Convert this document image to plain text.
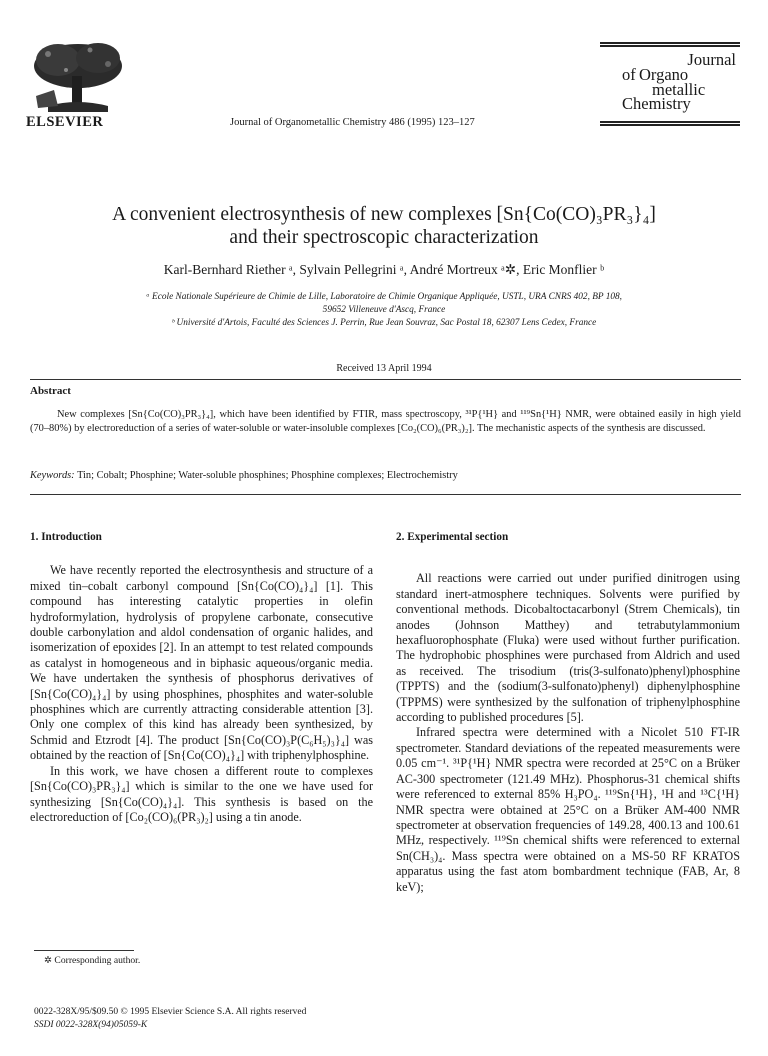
ELSEVIER	Journal of Organometallic Chemistry 486 (1995) 123–127
Journal
of Organo
metallic
Chemistry
A convenient electrosynthesis of new complexes [Sn{Co(CO)₃PR₃}₄]
and their spectroscopic characterization
Karl-Bernhard Riether ᵃ, Sylvain Pellegrini ᵃ, André Mortreux ᵃ✲, Eric Monflier ᵇ
ᵃ Ecole Nationale Supérieure de Chimie de Lille, Laboratoire de Chimie Organique Appliquée, USTL, URA CNRS 402, BP 108,
59652 Villeneuve d'Ascq, France
ᵇ Université d'Artois, Faculté des Sciences J. Perrin, Rue Jean Souvraz, Sac Postal 18, 62307 Lens Cedex, France
Received 13 April 1994
Abstract
New complexes [Sn{Co(CO)₃PR₃}₄], which have been identified by FTIR, mass spectroscopy, ³¹P{¹H} and ¹¹⁹Sn{¹H} NMR, were obtained easily in high yield (70–80%) by electroreduction of a series of water-soluble or water-insoluble complexes [Co₂(CO)₆(PR₃)₂]. The mechanistic aspects of the synthesis are discussed.
Keywords: Tin; Cobalt; Phosphine; Water-soluble phosphines; Phosphine complexes; Electrochemistry
1. Introduction

We have recently reported the electrosynthesis and structure of a mixed tin–cobalt carbonyl compound [Sn{Co(CO)₄}₄] [1]. This compound has interesting catalytic properties in olefin hydroformylation, hydrolysis of propylene carbonate, consecutive double carbonylation and aldol condensation of organic halides, and isomerization of epoxides [2]. In an attempt to test related compounds as catalyst in homogeneous and in biphasic aqueous/organic media. We have undertaken the synthesis of phosphorus derivatives of [Sn{Co(CO)₄}₄] by using phosphines, phosphites and water-soluble phosphines which are currently attracting considerable attention [3]. Only one complex of this kind has already been synthesized, by Schmid and Etzrodt [4]. The product [Sn{Co(CO)₃P(C₆H₅)₃}₄] was obtained by the reaction of [Sn{Co(CO)₄}₄] with triphenylphosphine.

In this work, we have chosen a different route to complexes [Sn{Co(CO)₃PR₃}₄] which is similar to the one we have used for synthesizing [Sn{Co(CO)₄}₄]. This synthesis is based on the electroreduction of [Co₂(CO)₆(PR₃)₂] using a tin anode.

2. Experimental section

All reactions were carried out under purified dinitrogen using standard inert-atmosphere techniques. Solvents were purified by conventional methods. Dicobaltoctacarbonyl (Strem Chemicals), tin anodes (Johnson Matthey) and tetrabutylammonium hexafluorophosphate (Fluka) were used without further purification. The hydrophobic phosphines were purchased from Aldrich and used as received. The trisodium (tris(3-sulfonato)phenyl)phosphine (TPPTS) and the (sodium(3-sulfonato)phenyl) diphenylphosphine (TPPMS) were synthesized by the sulfonation of triphenylphosphine according to published procedures [5].

Infrared spectra were determined with a Nicolet 510 FT-IR spectrometer. Standard deviations of the repeated measurements were 0.05 cm⁻¹. ³¹P{¹H} NMR spectra were recorded at 25°C on a Brüker AC-300 spectrometer (121.49 MHz). Phosphorus-31 chemical shifts were referenced to external 85% H₃PO₄. ¹¹⁹Sn{¹H}, ¹H and ¹³C{¹H} NMR spectra were obtained at 25°C on a Brüker AM-400 NMR spectrometer at observation frequencies of 149.28, 400.13 and 100.61 MHz, respectively. ¹¹⁹Sn chemical shifts were referenced to external Sn(CH₃)₄. Mass spectra were obtained on a MS-50 RF KRATOS apparatus using the fast atom bombardment technique (FAB, Ar, 8 keV);

✲ Corresponding author.
0022-328X/95/$09.50 © 1995 Elsevier Science S.A. All rights reserved
SSDI 0022-328X(94)05059-K
